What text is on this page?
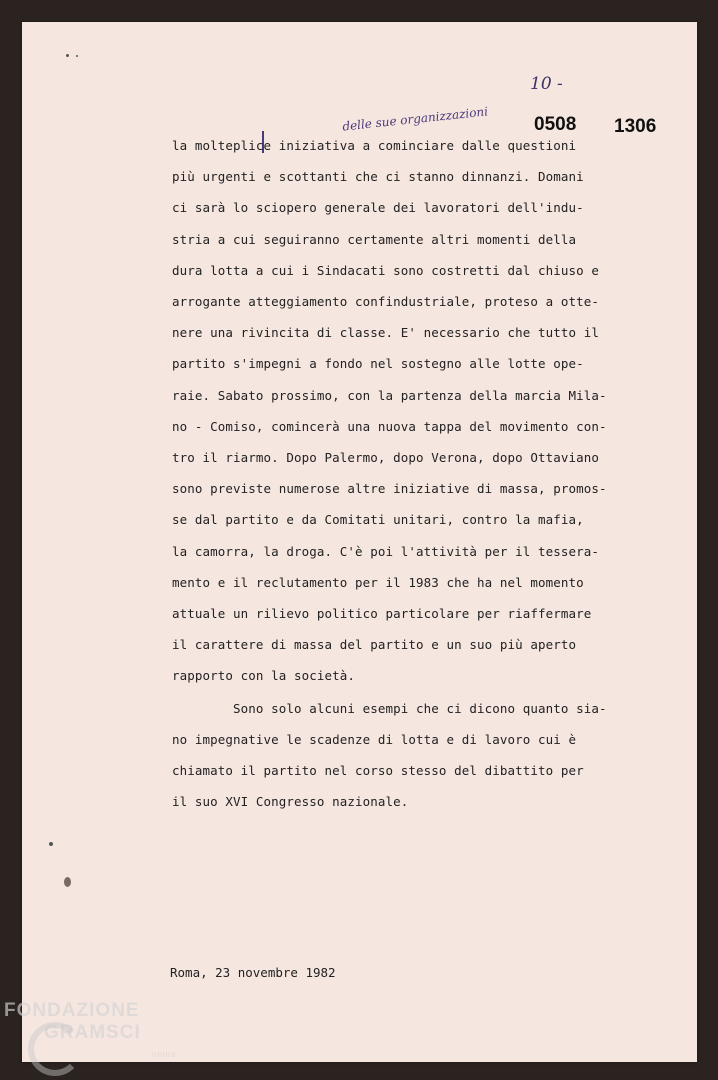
10 -
0508 1306
delle sue organizzazioni
la molteplice iniziativa a cominciare dalle questioni
più urgenti e scottanti che ci stanno dinnanzi. Domani
ci sarà lo sciopero generale dei lavoratori dell'indu-
stria a cui seguiranno certamente altri momenti della
dura lotta a cui i Sindacati sono costretti dal chiuso e
arrogante atteggiamento confindustriale, proteso a otte-
nere una rivincita di classe. E' necessario che tutto il
partito s'impegni a fondo nel sostegno alle lotte ope-
raie. Sabato prossimo, con la partenza della marcia Mila-
no - Comiso, comincerà una nuova tappa del movimento con-
tro il riarmo. Dopo Palermo, dopo Verona, dopo Ottaviano
sono previste numerose altre iniziative di massa, promos-
se dal partito e da Comitati unitari, contro la mafia,
la camorra, la droga. C'è poi l'attività per il tessera-
mento e il reclutamento per il 1983 che ha nel momento
attuale un rilievo politico particolare per riaffermare
il carattere di massa del partito e un suo più aperto
rapporto con la società.
Sono solo alcuni esempi che ci dicono quanto sia-
no impegnative le scadenze di lotta e di lavoro cui è
chiamato il partito nel corso stesso del dibattito per
il suo XVI Congresso nazionale.
Roma, 23 novembre 1982
FONDAZIONE
GRAMSCI
onlus
